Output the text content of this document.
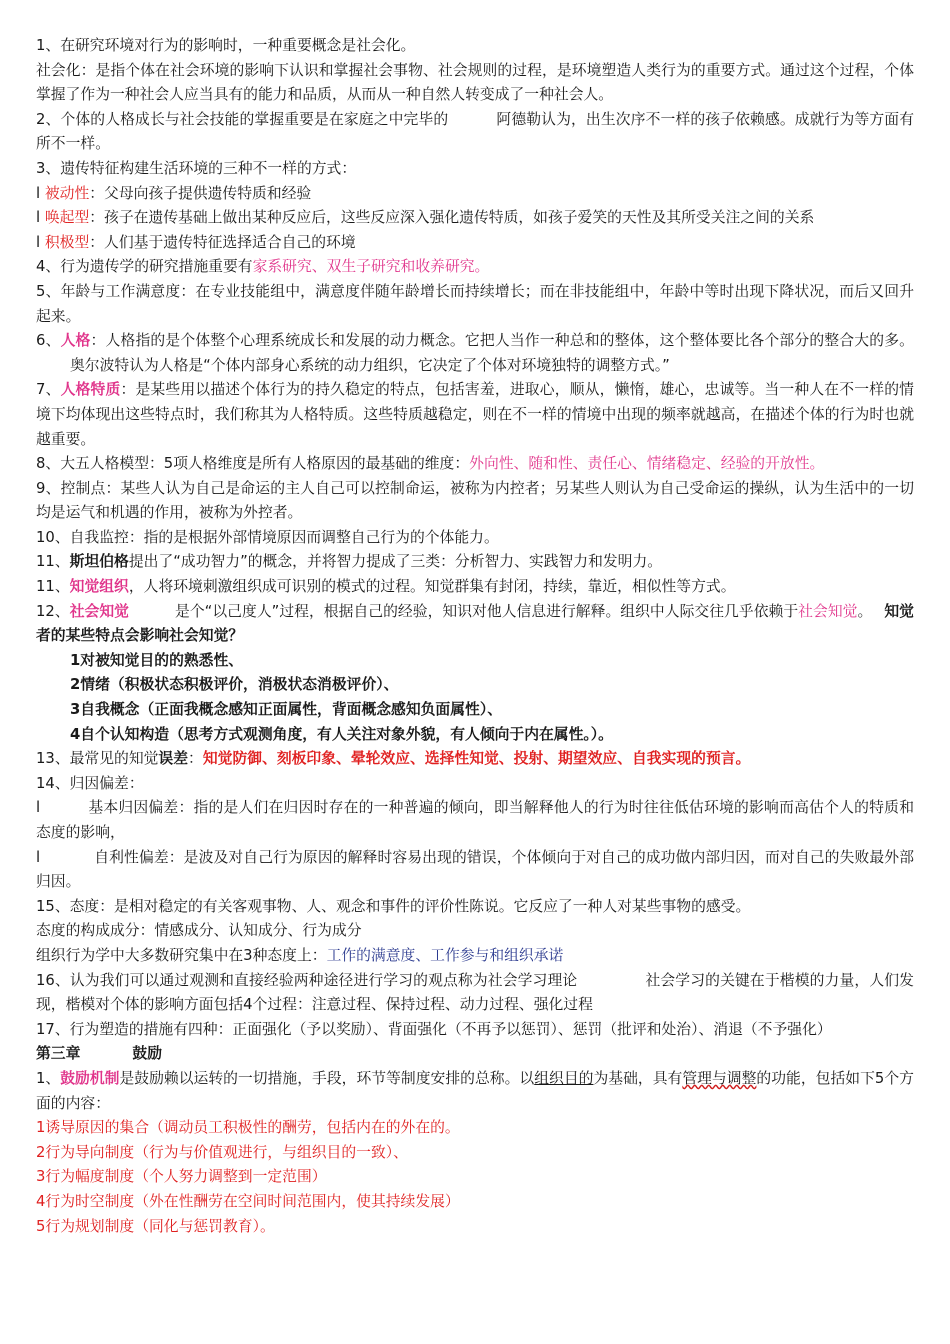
1、在研究环境对行为的影响时，一种重要概念是社会化。

社会化：是指个体在社会环境的影响下认识和掌握社会事物、社会规则的过程，是环境塑造人类行为的重要方式。通过这个过程，个体掌握了作为一种社会人应当具有的能力和品质，从而从一种自然人转变成了一种社会人。

2、个体的人格成长与社会技能的掌握重要是在家庭之中完毕的	阿德勒认为，出生次序不一样的孩子依赖感。成就行为等方面有所不一样。

3、遗传特征构建生活环境的三种不一样的方式：

l 被动性：父母向孩子提供遗传特质和经验

l 唤起型：孩子在遗传基础上做出某种反应后，这些反应深入强化遗传特质，如孩子爱笑的天性及其所受关注之间的关系

l 积极型：人们基于遗传特征选择适合自己的环境

4、行为遗传学的研究措施重要有家系研究、双生子研究和收养研究。

5、年龄与工作满意度：在专业技能组中，满意度伴随年龄增长而持续增长；而在非技能组中，年龄中等时出现下降状况，而后又回升起来。

6、人格：人格指的是个体整个心理系统成长和发展的动力概念。它把人当作一种总和的整体，这个整体要比各个部分的整合大的多。奥尔波特认为人格是“个体内部身心系统的动力组织，它决定了个体对环境独特的调整方式。”

7、人格特质：是某些用以描述个体行为的持久稳定的特点，包括害羞，进取心，顺从，懒惰，雄心，忠诚等。当一种人在不一样的情境下均体现出这些特点时，我们称其为人格特质。这些特质越稳定，则在不一样的情境中出现的频率就越高，在描述个体的行为时也就越重要。

8、大五人格模型：5项人格维度是所有人格原因的最基础的维度：外向性、随和性、责任心、情绪稳定、经验的开放性。

9、控制点：某些人认为自己是命运的主人自己可以控制命运，被称为内控者；另某些人则认为自己受命运的操纵，认为生活中的一切均是运气和机遇的作用，被称为外控者。

10、自我监控：指的是根据外部情境原因而调整自己行为的个体能力。

11、斯坦伯格提出了“成功智力”的概念，并将智力提成了三类：分析智力、实践智力和发明力。

11、知觉组织，人将环境刺激组织成可识别的模式的过程。知觉群集有封闭，持续，靠近，相似性等方式。

12、社会知觉	是个“以己度人”过程，根据自己的经验，知识对他人信息进行解释。组织中人际交往几乎依赖于社会知觉。 知觉者的某些特点会影响社会知觉？

1对被知觉目的的熟悉性、

2情绪（积极状态积极评价，消极状态消极评价）、

3自我概念（正面我概念感知正面属性，背面概念感知负面属性）、

4自个认知构造（思考方式观测角度，有人关注对象外貌，有人倾向于内在属性。）。

13、最常见的知觉误差：知觉防御、刻板印象、晕轮效应、选择性知觉、投射、期望效应、自我实现的预言。

14、归因偏差：

l	基本归因偏差：指的是人们在归因时存在的一种普遍的倾向，即当解释他人的行为时往往低估环境的影响而高估个人的特质和态度的影响，

l	自利性偏差：是波及对自己行为原因的解释时容易出现的错误，个体倾向于对自己的成功做内部归因，而对自己的失败最外部归因。

15、态度：是相对稳定的有关客观事物、人、观念和事件的评价性陈说。它反应了一种人对某些事物的感受。

态度的构成成分：情感成分、认知成分、行为成分

组织行为学中大多数研究集中在3种态度上：工作的满意度、工作参与和组织承诺

16、认为我们可以通过观测和直接经验两种途径进行学习的观点称为社会学习理论	社会学习的关键在于楷模的力量，人们发现，楷模对个体的影响方面包括4个过程：注意过程、保持过程、动力过程、强化过程

17、行为塑造的措施有四种：正面强化（予以奖励）、背面强化（不再予以惩罚）、惩罚（批评和处治）、消退（不予强化）

第三章	鼓励

1、鼓励机制是鼓励赖以运转的一切措施，手段，环节等制度安排的总称。以组织目的为基础，具有管理与调整的功能，包括如下5个方面的内容：

1诱导原因的集合（调动员工积极性的酬劳，包括内在的外在的。

2行为导向制度（行为与价值观进行，与组织目的一致）、

3行为幅度制度（个人努力调整到一定范围）

4行为时空制度（外在性酬劳在空间时间范围内，使其持续发展）

5行为规划制度（同化与惩罚教育）。
